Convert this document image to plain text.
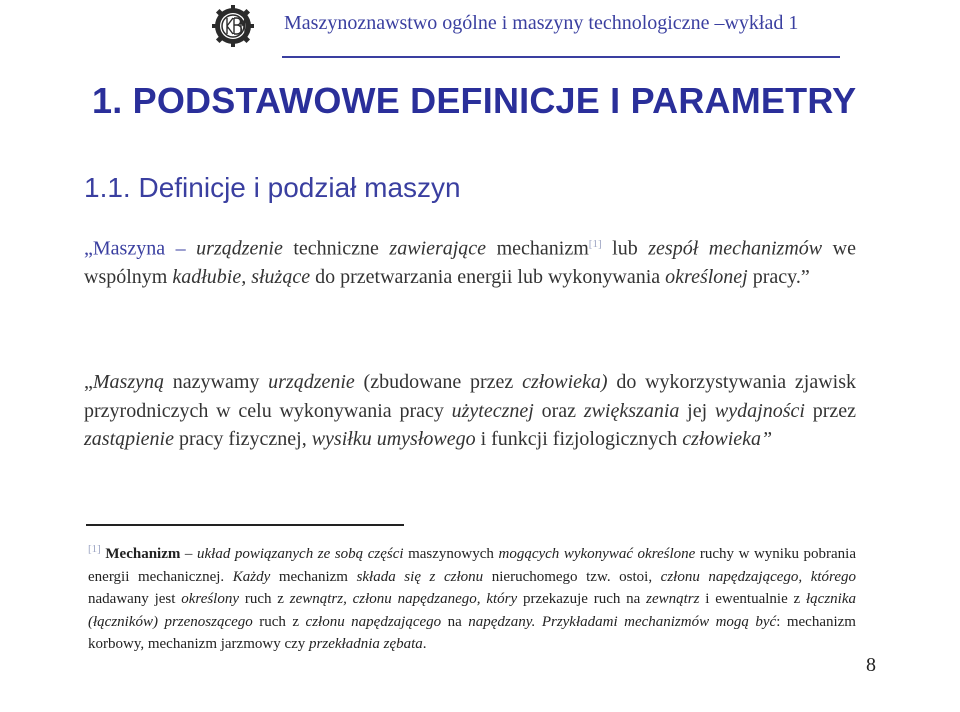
Maszynoznawstwo ogólne i maszyny technologiczne –wykład 1
1. PODSTAWOWE DEFINICJE I PARAMETRY
1.1. Definicje i podział maszyn
„Maszyna – urządzenie techniczne zawierające mechanizm[1] lub zespół mechanizmów we wspólnym kadłubie, służące do przetwarzania energii lub wykonywania określonej pracy.”
„Maszyną nazywamy urządzenie (zbudowane przez człowieka) do wykorzystywania zjawisk przyrodniczych w celu wykonywania pracy użytecznej oraz zwiększania jej wydajności przez zastąpienie pracy fizycznej, wysiłku umysłowego i funkcji fizjologicznych człowieka”
[1] Mechanizm – układ powiązanych ze sobą części maszynowych mogących wykonywać określone ruchy w wyniku pobrania energii mechanicznej. Każdy mechanizm składa się z członu nieruchomego tzw. ostoi, członu napędzającego, którego nadawany jest określony ruch z zewnątrz, członu napędzanego, który przekazuje ruch na zewnątrz i ewentualnie z łącznika (łączników) przenoszącego ruch z członu napędzającego na napędzany. Przykładami mechanizmów mogą być: mechanizm korbowy, mechanizm jarzmowy czy przekładnia zębata.
8
